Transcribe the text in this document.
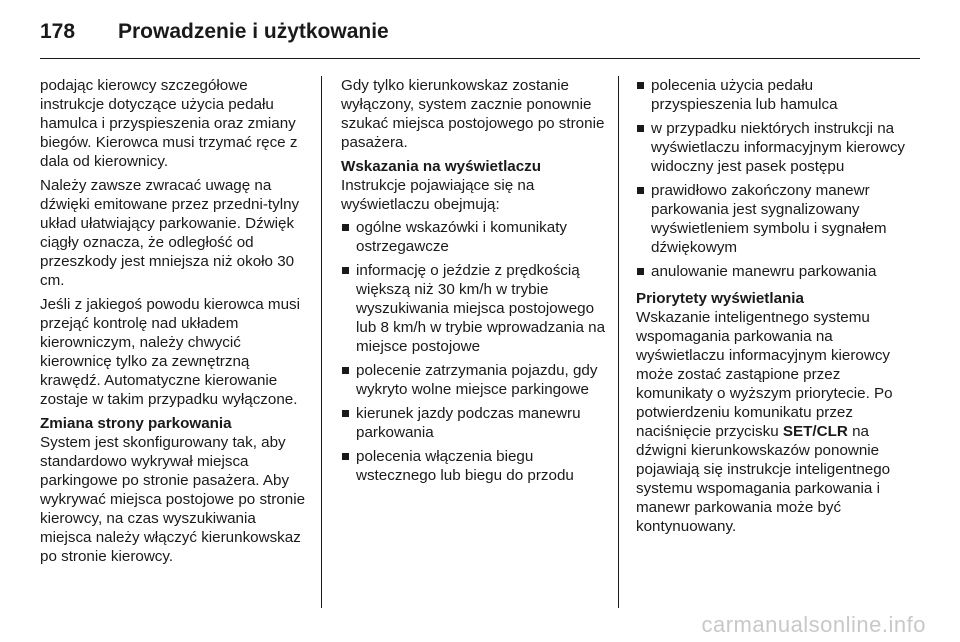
178 Prowadzenie i użytkowanie

podając kierowcy szczegółowe instrukcje dotyczące użycia pedału hamulca i przyspieszenia oraz zmiany biegów. Kierowca musi trzymać ręce z dala od kierownicy.

Należy zawsze zwracać uwagę na dźwięki emitowane przez przedni-tylny układ ułatwiający parkowanie. Dźwięk ciągły oznacza, że odległość od przeszkody jest mniejsza niż około 30 cm.

Jeśli z jakiegoś powodu kierowca musi przejąć kontrolę nad układem kierowniczym, należy chwycić kierownicę tylko za zewnętrzną krawędź. Automatyczne kierowanie zostaje w takim przypadku wyłączone.

Zmiana strony parkowania

System jest skonfigurowany tak, aby standardowo wykrywał miejsca parkingowe po stronie pasażera. Aby wykrywać miejsca postojowe po stronie kierowcy, na czas wyszukiwania miejsca należy włączyć kierunkowskaz po stronie kierowcy.

Gdy tylko kierunkowskaz zostanie wyłączony, system zacznie ponownie szukać miejsca postojowego po stronie pasażera.

Wskazania na wyświetlaczu

Instrukcje pojawiające się na wyświetlaczu obejmują:

ogólne wskazówki i komunikaty ostrzegawcze
informację o jeździe z prędkością większą niż 30 km/h w trybie wyszukiwania miejsca postojowego lub 8 km/h w trybie wprowadzania na miejsce postojowe
polecenie zatrzymania pojazdu, gdy wykryto wolne miejsce parkingowe
kierunek jazdy podczas manewru parkowania
polecenia włączenia biegu wstecznego lub biegu do przodu
polecenia użycia pedału przyspieszenia lub hamulca
w przypadku niektórych instrukcji na wyświetlaczu informacyjnym kierowcy widoczny jest pasek postępu
prawidłowo zakończony manewr parkowania jest sygnalizowany wyświetleniem symbolu i sygnałem dźwiękowym
anulowanie manewru parkowania
Priorytety wyświetlania

Wskazanie inteligentnego systemu wspomagania parkowania na wyświetlaczu informacyjnym kierowcy może zostać zastąpione przez komunikaty o wyższym priorytecie. Po potwierdzeniu komunikatu przez naciśnięcie przycisku SET/CLR na dźwigni kierunkowskazów ponownie pojawiają się instrukcje inteligentnego systemu wspomagania parkowania i manewr parkowania może być kontynuowany.

carmanualsonline.info
